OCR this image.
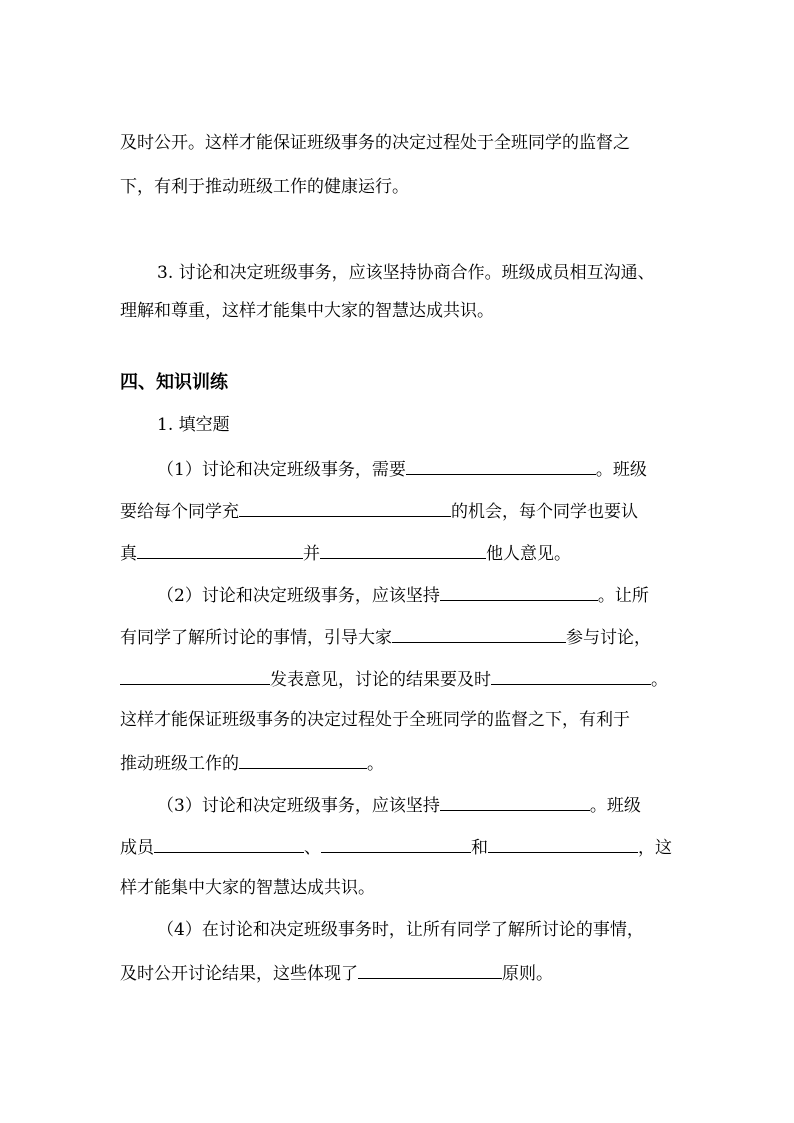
及时公开。这样才能保证班级事务的决定过程处于全班同学的监督之
下，有利于推动班级工作的健康运行。
3. 讨论和决定班级事务，应该坚持协商合作。班级成员相互沟通、
理解和尊重，这样才能集中大家的智慧达成共识。
四、知识训练
1. 填空题
（1）讨论和决定班级事务，需要	。班级
要给每个同学充	的机会，每个同学也要认
真	并	他人意见。
（2）讨论和决定班级事务，应该坚持	。让所
有同学了解所讨论的事情，引导大家	参与讨论，
发表意见，讨论的结果要及时	。
这样才能保证班级事务的决定过程处于全班同学的监督之下，有利于
推动班级工作的	。
（3）讨论和决定班级事务，应该坚持	。班级
成员	、	和	，这
样才能集中大家的智慧达成共识。
（4）在讨论和决定班级事务时，让所有同学了解所讨论的事情，
及时公开讨论结果，这些体现了	原则。
